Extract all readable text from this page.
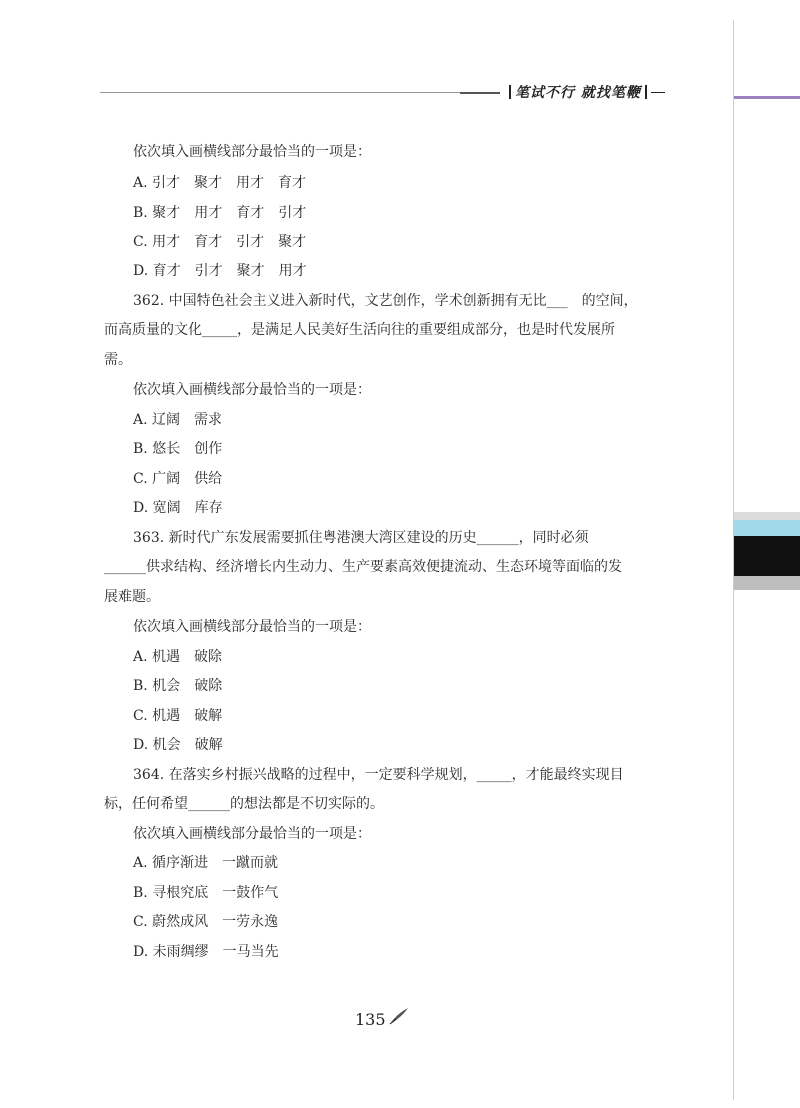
笔试不行 就找笔鞭
依次填入画横线部分最恰当的一项是：
A. 引才　聚才　用才　育才
B. 聚才　用才　育才　引才
C. 用才　育才　引才　聚才
D. 育才　引才　聚才　用才
362. 中国特色社会主义进入新时代，文艺创作，学术创新拥有无比___　的空间，
而高质量的文化_____，是满足人民美好生活向往的重要组成部分，也是时代发展所
需。
依次填入画横线部分最恰当的一项是：
A. 辽阔　需求
B. 悠长　创作
C. 广阔　供给
D. 宽阔　库存
363. 新时代广东发展需要抓住粤港澳大湾区建设的历史______，同时必须
______供求结构、经济增长内生动力、生产要素高效便捷流动、生态环境等面临的发
展难题。
依次填入画横线部分最恰当的一项是：
A. 机遇　破除
B. 机会　破除
C. 机遇　破解
D. 机会　破解
364. 在落实乡村振兴战略的过程中，一定要科学规划，_____，才能最终实现目
标，任何希望______的想法都是不切实际的。
依次填入画横线部分最恰当的一项是：
A. 循序渐进　一蹴而就
B. 寻根究底　一鼓作气
C. 蔚然成风　一劳永逸
D. 未雨绸缪　一马当先
135
